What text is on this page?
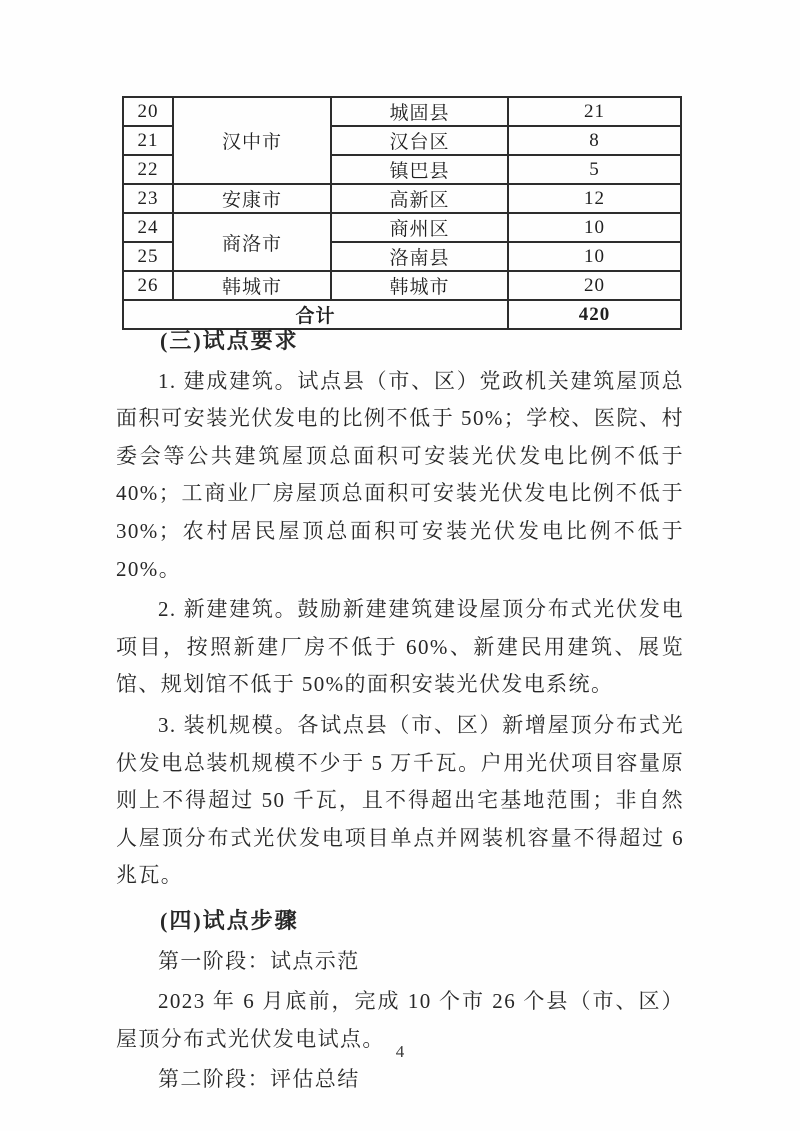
20	汉中市	城固县	21
21		汉台区	8
22		镇巴县	5
23	安康市	高新区	12
24	商洛市	商州区	10
25		洛南县	10
26	韩城市	韩城市	20
合计			420
(三)试点要求
1. 建成建筑。试点县（市、区）党政机关建筑屋顶总面积可安装光伏发电的比例不低于 50%；学校、医院、村委会等公共建筑屋顶总面积可安装光伏发电比例不低于 40%；工商业厂房屋顶总面积可安装光伏发电比例不低于 30%；农村居民屋顶总面积可安装光伏发电比例不低于 20%。
2. 新建建筑。鼓励新建建筑建设屋顶分布式光伏发电项目，按照新建厂房不低于 60%、新建民用建筑、展览馆、规划馆不低于 50%的面积安装光伏发电系统。
3. 装机规模。各试点县（市、区）新增屋顶分布式光伏发电总装机规模不少于 5 万千瓦。户用光伏项目容量原则上不得超过 50 千瓦，且不得超出宅基地范围；非自然人屋顶分布式光伏发电项目单点并网装机容量不得超过 6 兆瓦。
(四)试点步骤
第一阶段：试点示范
2023 年 6 月底前，完成 10 个市 26 个县（市、区）屋顶分布式光伏发电试点。
第二阶段：评估总结
4
